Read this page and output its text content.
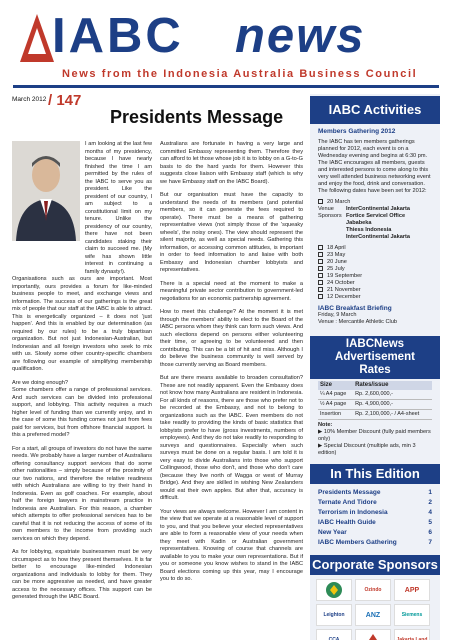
IABC news
News from the Indonesia Australia Business Council
March 2012 / 147
Presidents Message

I am looking at the last few months of my presidency, because I have nearly finished the time I am permitted by the rules of the IABC to serve you as president. Like the president of our country, I am subject to a constitutional limit on my tenure. Unlike the presidency of our country, there have not been candidates staking their claim to succeed me. (My wife has shown little interest in continuing a family dynasty!).

Organisations such as ours are important. Most importantly, ours provides a forum for like-minded business people to meet, and exchange views and information. The success of our gatherings is the great mix of people that our staff at the IABC is able to attract. This is energetically organized – it does not 'just happen'. And this is enabled by our determination (as required by our rules) to be a truly bipartisan organization. But not just Indonesian-Australian, but Indonesian and all foreign investors who seek to mix with us. Slowly some other country-specific chambers are following our example of simplifying membership qualification.

Are we doing enough?

Some chambers offer a range of professional services. And such services can be divided into professional support, and lobbying. This activity requires a much higher level of funding than we currently enjoy, and in the case of some this funding comes not just from fees paid for services, but from offshore financial support. Is this a preferred model?

For a start, all groups of investors do not have the same needs. We probably have a larger number of Australians offering consultancy support services that do some other nationalities – simply because of the proximity of our two nations, and therefore the relative readiness with which Australians are willing to try their hand in Indonesia. Even as golf coaches. For example, about half the foreign lawyers in mainstream practice in Indonesia are Australian. For this reason, a chamber which attempts to offer professional services has to be careful that it is not reducing the access of some of its own members to the income from providing such services on which they depend.

As for lobbying, expatriate businessmen must be very circumspect as to how they present themselves. It is far better to encourage like-minded Indonesian organizations and individuals to lobby for them. They can be more aggressive as needed, and have greater access to the necessary offices. This support can be generated through the IABC Board.

Australians are fortunate in having a very large and committed Embassy representing them. Therefore they can afford to let those whose job it is to lobby on a G-to-G basis to do the hard yards for them. However this suggests close liaison with Embassy staff (which is why we have Embassy staff on the IABC Board).

But our organisation must have the capacity to understand the needs of its members (and potential members, so it can generate the fees required to operate). There must be a means of gathering representative views (not simply those of the 'squeaky wheels', the noisy ones). The view should represent the silent majority, as well as special needs. Gathering this information, or accessing common attitudes, is important in order to feed information to and liaise with both Embassy and Indonesian chamber lobbyists and representatives.

There is a special need at the moment to make a meaningful private sector contribution to government-led negotiations for an economic partnership agreement.

How to meet this challenge? At the moment it is met through the members' ability to elect to the Board of the IABC persons whom they think can form such views. And such elections depend on persons either volunteering their time, or agreeing to be volunteered and then contributing. This can be a bit of hit and miss. Although I do believe the business community is well served by those currently serving as Board members.

But are there means available to broaden consultation? These are not readily apparent. Even the Embassy does not know how many Australians are resident in Indonesia. For all kinds of reasons, there are those who prefer not to be recorded at the Embassy, and not to belong to organizations such as the IABC. Even members do not take readily to providing the kinds of basic statistics that lobbyists prefer to have (gross investments, numbers of employees). And they do not take readily to responding to surveys and questionnaires. Especially when such surveys must be done on a regular basis. I am told it is very easy to divide Australians into those who support Collingwood, those who don't, and those who don't care (because they live north of Wagga or west of Murray Bridge). And they are skilled in wishing New Zealanders would eat their own apples. But after that, accuracy is difficult.

Your views are always welcome. However I am content in the view that we operate at a reasonable level of support to you, and that you believe your elected representatives are able to form a reasonable view of your needs when they meet with Kadin or Australian government representatives. Knowing of course that channels are available to you to make your own representations. But if you or someone you know wishes to stand in the IABC Board elections coming up this year, may I encourage you to do so.

IABC Activities
Members Gathering 2012
The IABC has ten members gatherings planned for 2012, each event is on a Wednesday evening and begins at 6:30 pm. The IABC encourages all members, guests and interested persons to come along to this very well attended business networking event and enjoy the food, drink and conversation. The following dates have been set for 2012:
20 March
Venue	InterContinental Jakarta
Sponsors Fortice Servicel Office
Jababeka
Thiess Indonesia
InterContinental Jakarta
18 April
23 May
20 June
25 July
19 September
24 October
21 November
12 December
IABC Breakfast Briefing
Friday, 9 March
Venue : Mercantile Athletic Club
IABCNews Advertisement Rates
Size	Rates/issue
¼ A4 page	Rp. 2,600,000,-
½ A4 page	Rp. 4,900,000,-
Insertion	Rp. 2,100,000,- / A4-sheet
Note:
▶ 10% Member Discount (fully paid members only)
▶ Special Discount (multiple ads, min 3 edition)
In This Edition
Presidents Message	1
Ternate And Tidore	2
Terrorism in Indonesia	4
IABC Health Guide	5
New Year	6
IABC Members Gathering	7
Corporate Sponsors
Ozindo	APP
Leighton	ANZ	Siemens
CCA	Jakarta Land
